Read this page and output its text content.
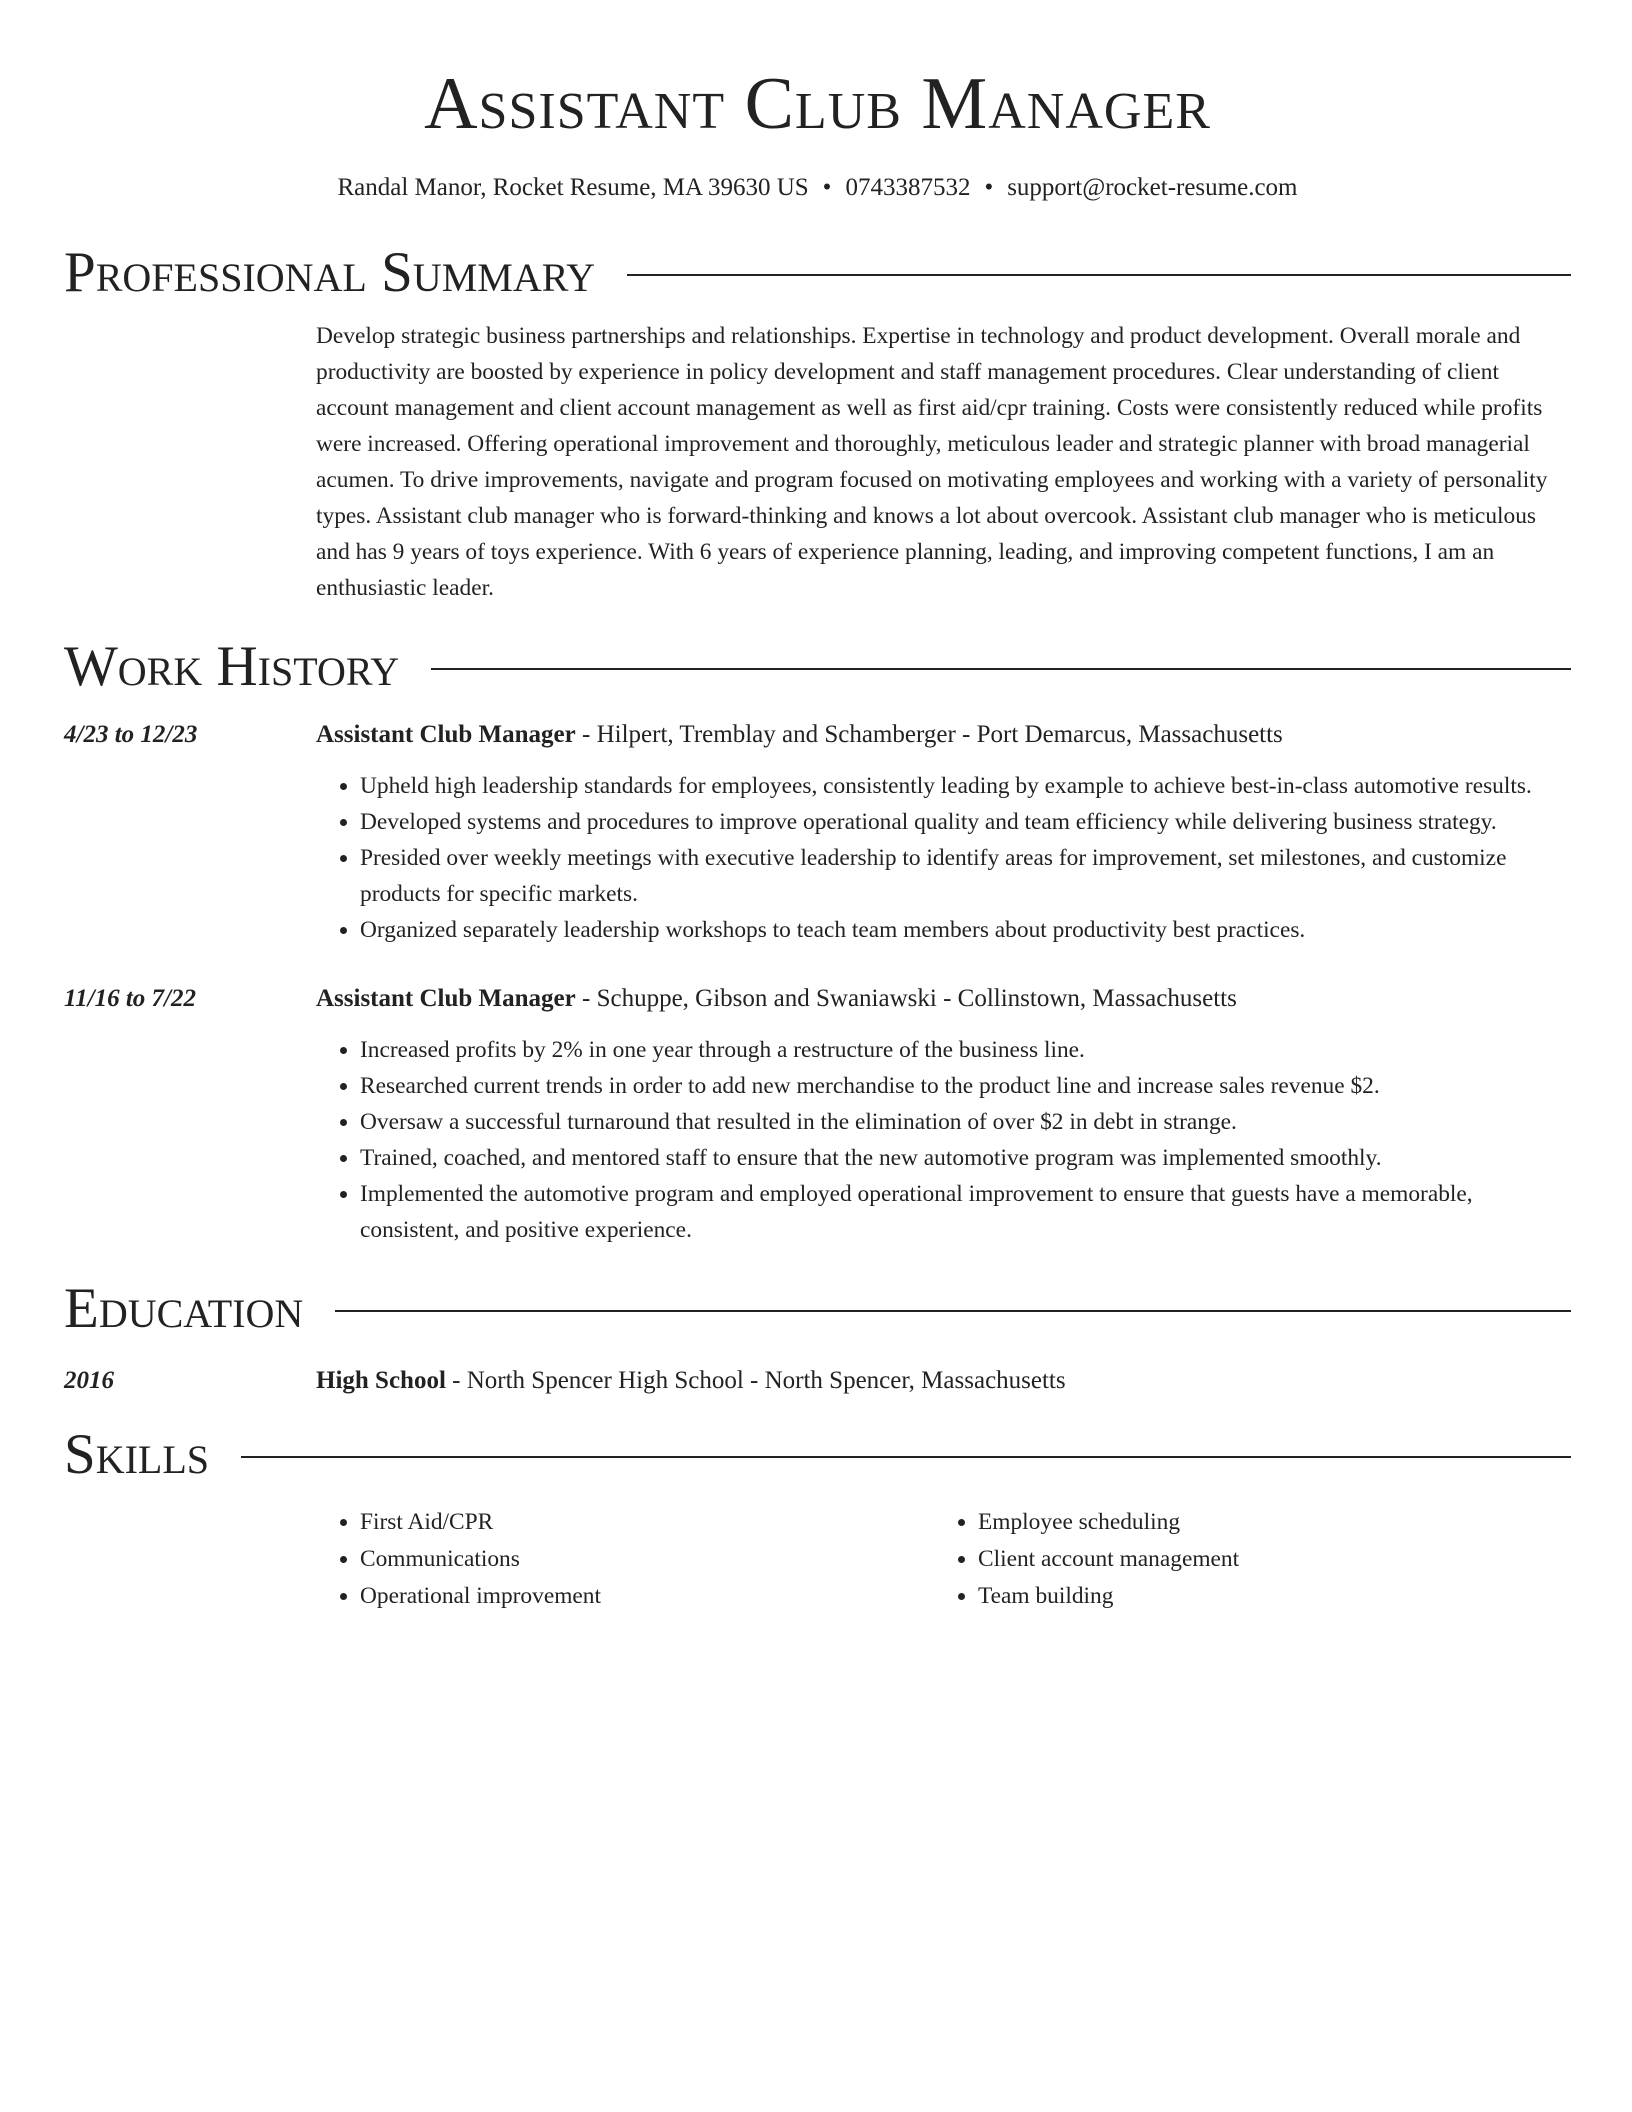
Assistant Club Manager
Randal Manor, Rocket Resume, MA 39630 US • 0743387532 • support@rocket-resume.com
Professional Summary
Develop strategic business partnerships and relationships. Expertise in technology and product development. Overall morale and productivity are boosted by experience in policy development and staff management procedures. Clear understanding of client account management and client account management as well as first aid/cpr training. Costs were consistently reduced while profits were increased. Offering operational improvement and thoroughly, meticulous leader and strategic planner with broad managerial acumen. To drive improvements, navigate and program focused on motivating employees and working with a variety of personality types. Assistant club manager who is forward-thinking and knows a lot about overcook. Assistant club manager who is meticulous and has 9 years of toys experience. With 6 years of experience planning, leading, and improving competent functions, I am an enthusiastic leader.
Work History
4/23 to 12/23	Assistant Club Manager - Hilpert, Tremblay and Schamberger - Port Demarcus, Massachusetts
• Upheld high leadership standards for employees, consistently leading by example to achieve best-in-class automotive results.
• Developed systems and procedures to improve operational quality and team efficiency while delivering business strategy.
• Presided over weekly meetings with executive leadership to identify areas for improvement, set milestones, and customize products for specific markets.
• Organized separately leadership workshops to teach team members about productivity best practices.
11/16 to 7/22	Assistant Club Manager - Schuppe, Gibson and Swaniawski - Collinstown, Massachusetts
• Increased profits by 2% in one year through a restructure of the business line.
• Researched current trends in order to add new merchandise to the product line and increase sales revenue $2.
• Oversaw a successful turnaround that resulted in the elimination of over $2 in debt in strange.
• Trained, coached, and mentored staff to ensure that the new automotive program was implemented smoothly.
• Implemented the automotive program and employed operational improvement to ensure that guests have a memorable, consistent, and positive experience.
Education
2016	High School - North Spencer High School - North Spencer, Massachusetts
Skills
• First Aid/CPR
• Communications
• Operational improvement
• Employee scheduling
• Client account management
• Team building
